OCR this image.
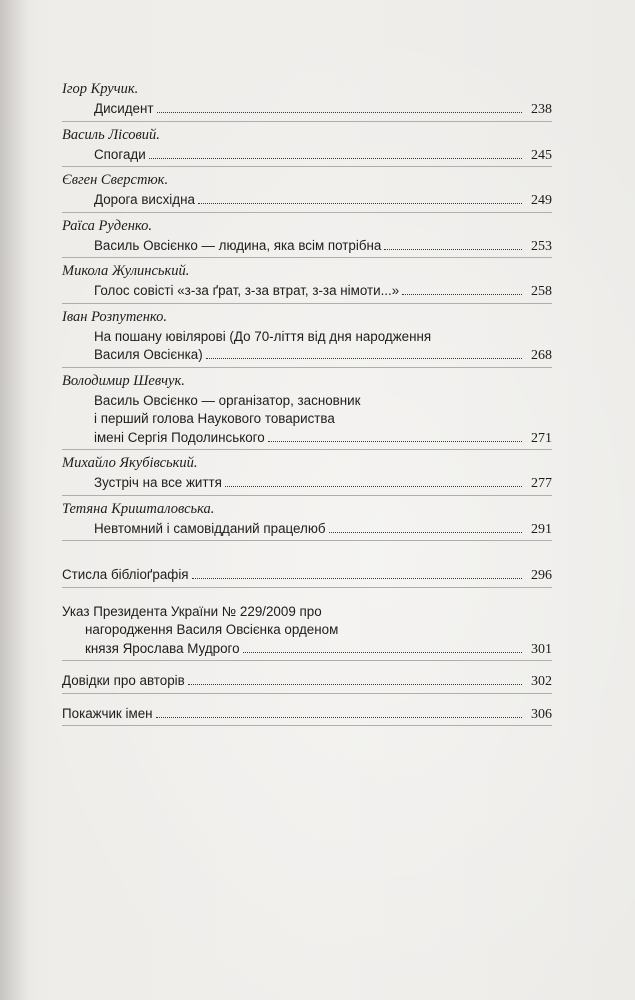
Ігор Кручик.
Дисидент	238
Василь Лісовий.
Спогади	245
Євген Сверстюк.
Дорога висхідна	249
Раїса Руденко.
Василь Овсієнко — людина, яка всім потрібна	253
Микола Жулинський.
Голос совісті «з-за ґрат, з-за втрат, з-за німоти...»	258
Іван Розпутенко.
На пошану ювілярові (До 70-ліття від дня народження
Василя Овсієнка)	268
Володимир Шевчук.
Василь Овсієнко — організатор, засновник
і перший голова Наукового товариства
імені Сергія Подолинського	271
Михайло Якубівський.
Зустріч на все життя	277
Тетяна Кришталовська.
Невтомний і самовідданий працелюб	291
Стисла бібліоґрафія	296
Указ Президента України № 229/2009 про
нагородження Василя Овсієнка орденом
князя Ярослава Мудрого	301
Довідки про авторів	302
Покажчик імен	306
